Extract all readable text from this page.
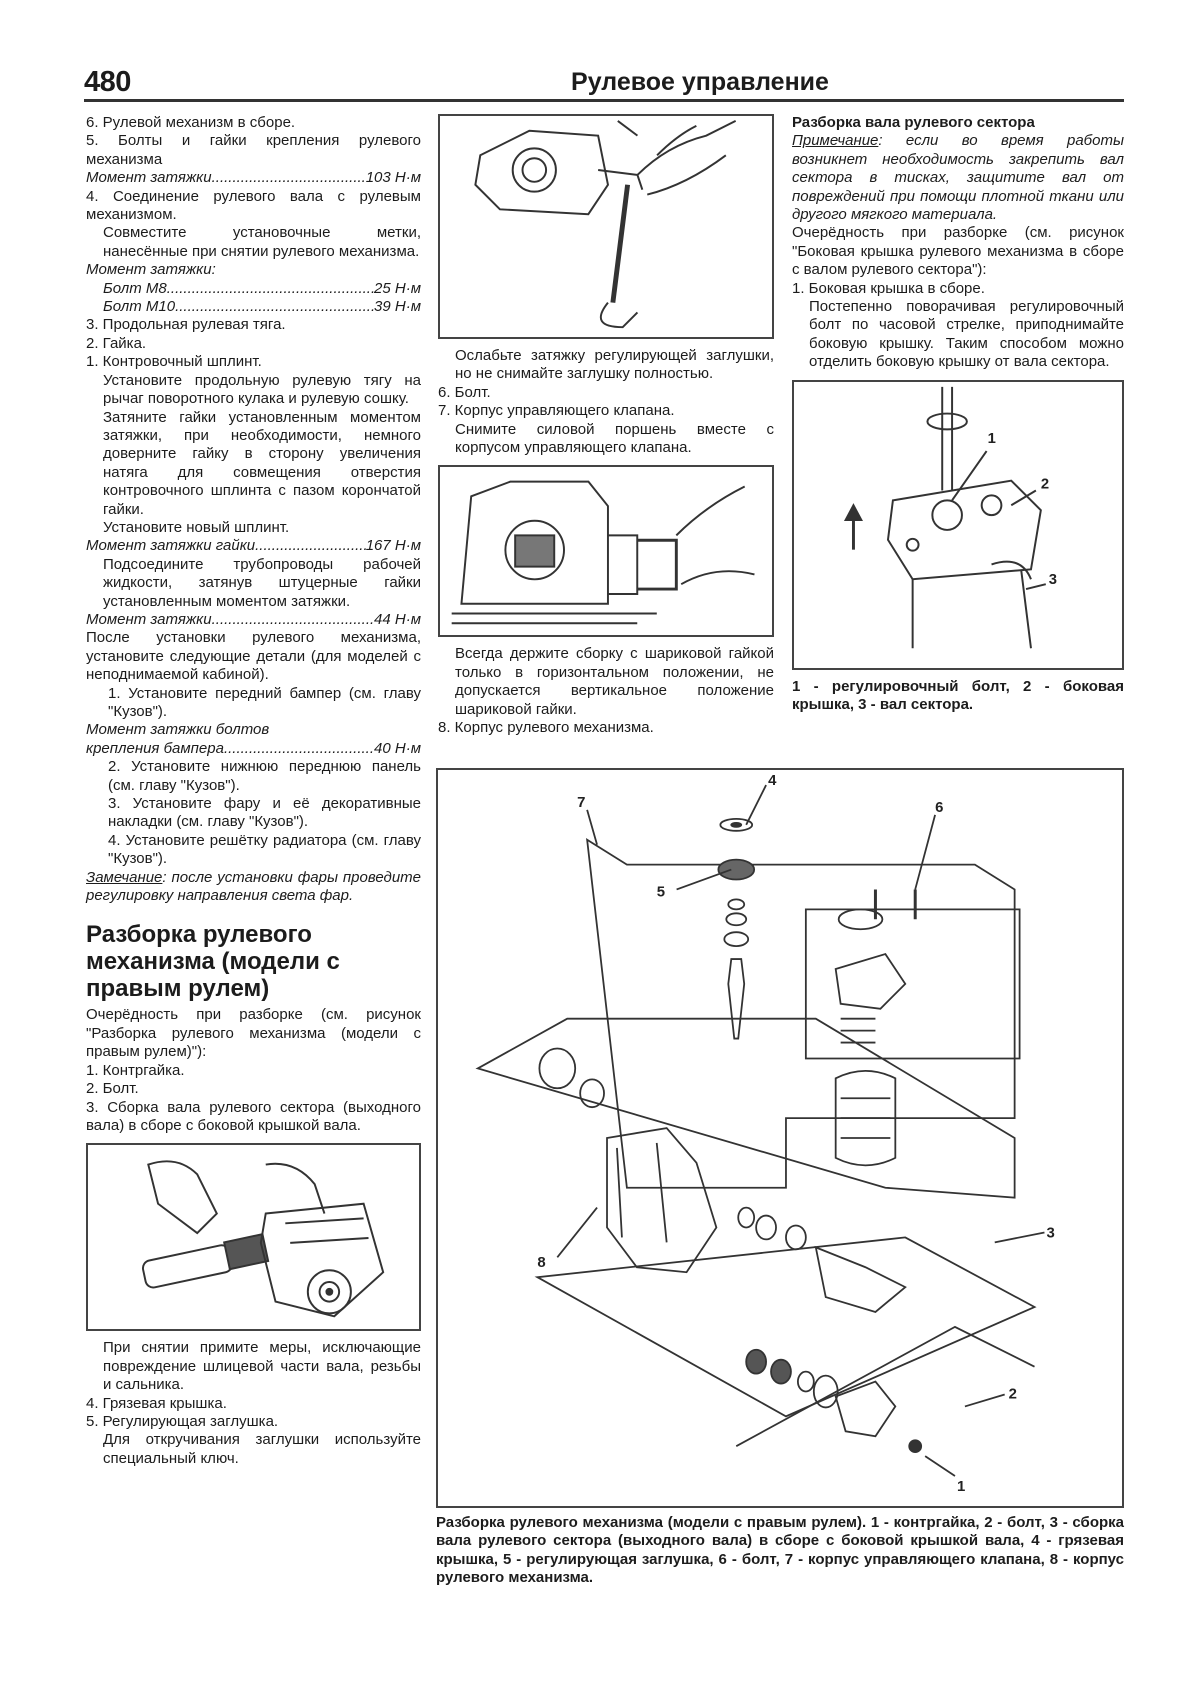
480	Рулевое управление
6. Рулевой механизм в сборе.
5. Болты и гайки крепления рулевого механизма
Момент затяжки .....	103 Н·м
4. Соединение рулевого вала с рулевым механизмом.
Совместите установочные метки, нанесённые при снятии рулевого механизма.
Момент затяжки:
Болт M8 .....	25 Н·м
Болт M10 .....	39 Н·м
3. Продольная рулевая тяга.
2. Гайка.
1. Контровочный шплинт.
Установите продольную рулевую тягу на рычаг поворотного кулака и рулевую сошку.
Затяните гайки установленным моментом затяжки, при необходимости, немного доверните гайку в сторону увеличения натяга для совмещения отверстия контровочного шплинта с пазом корончатой гайки.
Установите новый шплинт.
Момент затяжки гайки .....	167 Н·м
Подсоедините трубопроводы рабочей жидкости, затянув штуцерные гайки установленным моментом затяжки.
Момент затяжки .....	44 Н·м
После установки рулевого механизма, установите следующие детали (для моделей с неподнимаемой кабиной).
1. Установите передний бампер (см. главу "Кузов").
Момент затяжки болтов
крепления бампера .....	40 Н·м
2. Установите нижнюю переднюю панель (см. главу "Кузов").
3. Установите фару и её декоративные накладки (см. главу "Кузов").
4. Установите решётку радиатора (см. главу "Кузов").
Замечание: после установки фары проведите регулировку направления света фар.
Разборка рулевого механизма (модели с правым рулем)
Очерёдность при разборке (см. рисунок "Разборка рулевого механизма (модели с правым рулем)"):
1. Контргайка.
2. Болт.
3. Сборка вала рулевого сектора (выходного вала) в сборе с боковой крышкой вала.
При снятии примите меры, исключающие повреждение шлицевой части вала, резьбы и сальника.
4. Грязевая крышка.
5. Регулирующая заглушка.
Для откручивания заглушки используйте специальный ключ.
Ослабьте затяжку регулирующей заглушки, но не снимайте заглушку полностью.
6. Болт.
7. Корпус управляющего клапана.
Снимите силовой поршень вместе с корпусом управляющего клапана.
Всегда держите сборку с шариковой гайкой только в горизонтальном положении, не допускается вертикальное положение шариковой гайки.
8. Корпус рулевого механизма.
Разборка вала рулевого сектора
Примечание: если во время работы возникнет необходимость закрепить вал сектора в тисках, защитите вал от повреждений при помощи плотной ткани или другого мягкого материала.
Очерёдность при разборке (см. рисунок "Боковая крышка рулевого механизма в сборе с валом рулевого сектора"):
1. Боковая крышка в сборе.
Постепенно поворачивая регулировочный болт по часовой стрелке, приподнимайте боковую крышку. Таким способом можно отделить боковую крышку от вала сектора.
1
2
3
1 - регулировочный болт, 2 - боковая крышка, 3 - вал сектора.
4
5
6
7
8
3
2
1
Разборка рулевого механизма (модели с правым рулем). 1 - контргайка, 2 - болт, 3 - сборка вала рулевого сектора (выходного вала) в сборе с боковой крышкой вала, 4 - грязевая крышка, 5 - регулирующая заглушка, 6 - болт, 7 - корпус управляющего клапана, 8 - корпус рулевого механизма.
